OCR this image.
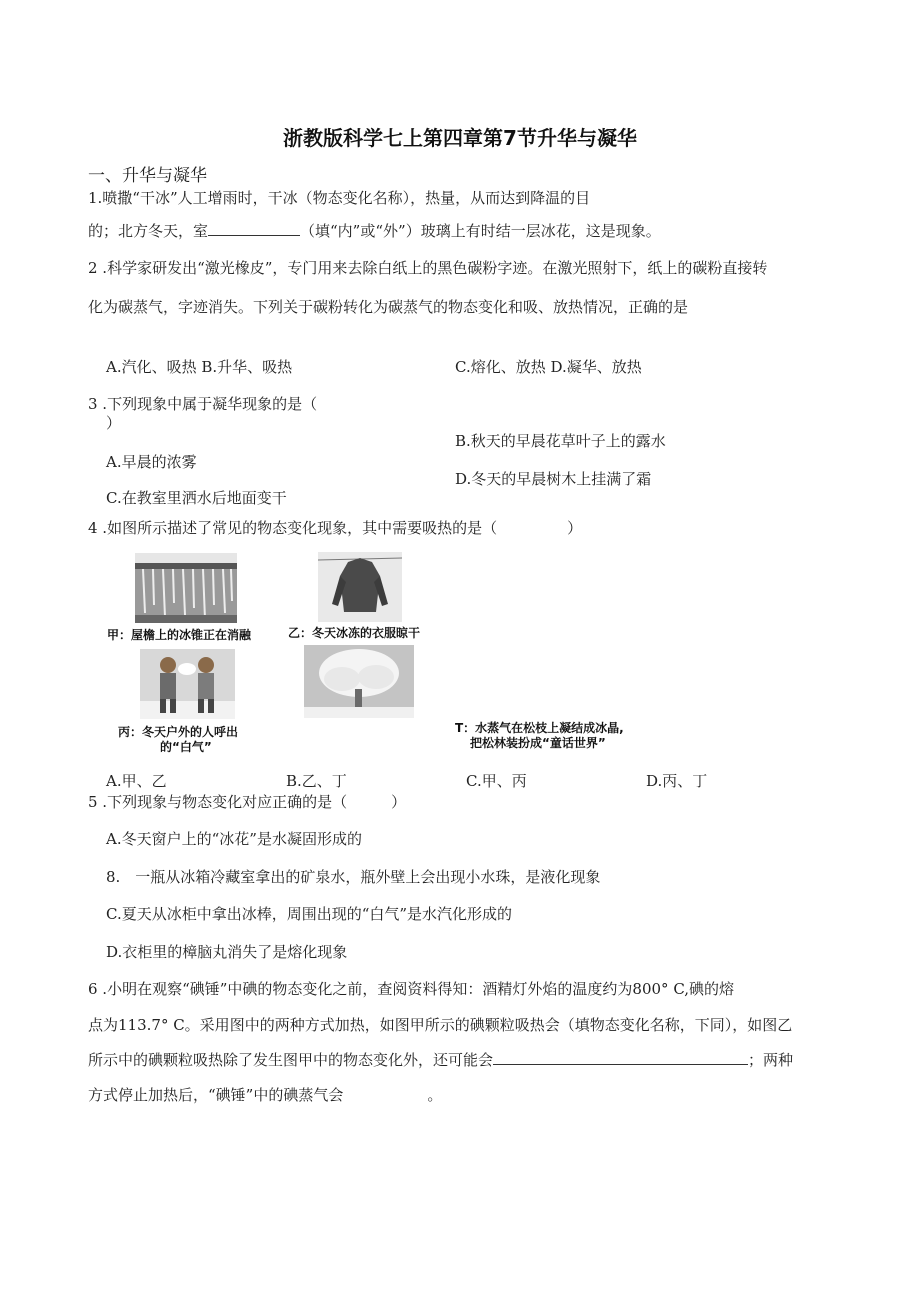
浙教版科学七上第四章第7节升华与凝华
一、升华与凝华
1.喷撒“干冰”人工增雨时，干冰（物态变化名称），热量，从而达到降温的目
的；北方冬天，室	（填“内”或“外”）玻璃上有时结一层冰花，这是现象。
2 .科学家研发出“激光橡皮”，专门用来去除白纸上的黑色碳粉字迹。在激光照射下，纸上的碳粉直接转
化为碳蒸气，字迹消失。下列关于碳粉转化为碳蒸气的物态变化和吸、放热情况，正确的是
A.汽化、吸热 B.升华、吸热	C.熔化、放热 D.凝华、放热
3 .下列现象中属于凝华现象的是（
）
B.秋天的早晨花草叶子上的露水
A.早晨的浓雾
D.冬天的早晨树木上挂满了霜
C.在教室里洒水后地面变干
4 .如图所示描述了常见的物态变化现象，其中需要吸热的是（	）
甲：屋檐上的冰锥正在消融	乙：冬天冰冻的衣服晾干
丙：冬天户外的人呼出
的“白气”
T：水蒸气在松枝上凝结成冰晶,
把松林装扮成“童话世界”
A.甲、乙	B.乙、丁	C.甲、丙	D.丙、丁
5 .下列现象与物态变化对应正确的是（	）
A.冬天窗户上的“冰花”是水凝固形成的
8.　一瓶从冰箱冷藏室拿出的矿泉水，瓶外壁上会出现小水珠，是液化现象
C.夏天从冰柜中拿出冰棒，周围出现的“白气”是水汽化形成的
D.衣柜里的樟脑丸消失了是熔化现象
6 .小明在观察“碘锤”中碘的物态变化之前，查阅资料得知：酒精灯外焰的温度约为800° C,碘的熔
点为113.7° C。采用图中的两种方式加热，如图甲所示的碘颗粒吸热会（填物态变化名称，下同），如图乙
所示中的碘颗粒吸热除了发生图甲中的物态变化外，还可能会	；两种
方式停止加热后，“碘锤”中的碘蒸气会	。
